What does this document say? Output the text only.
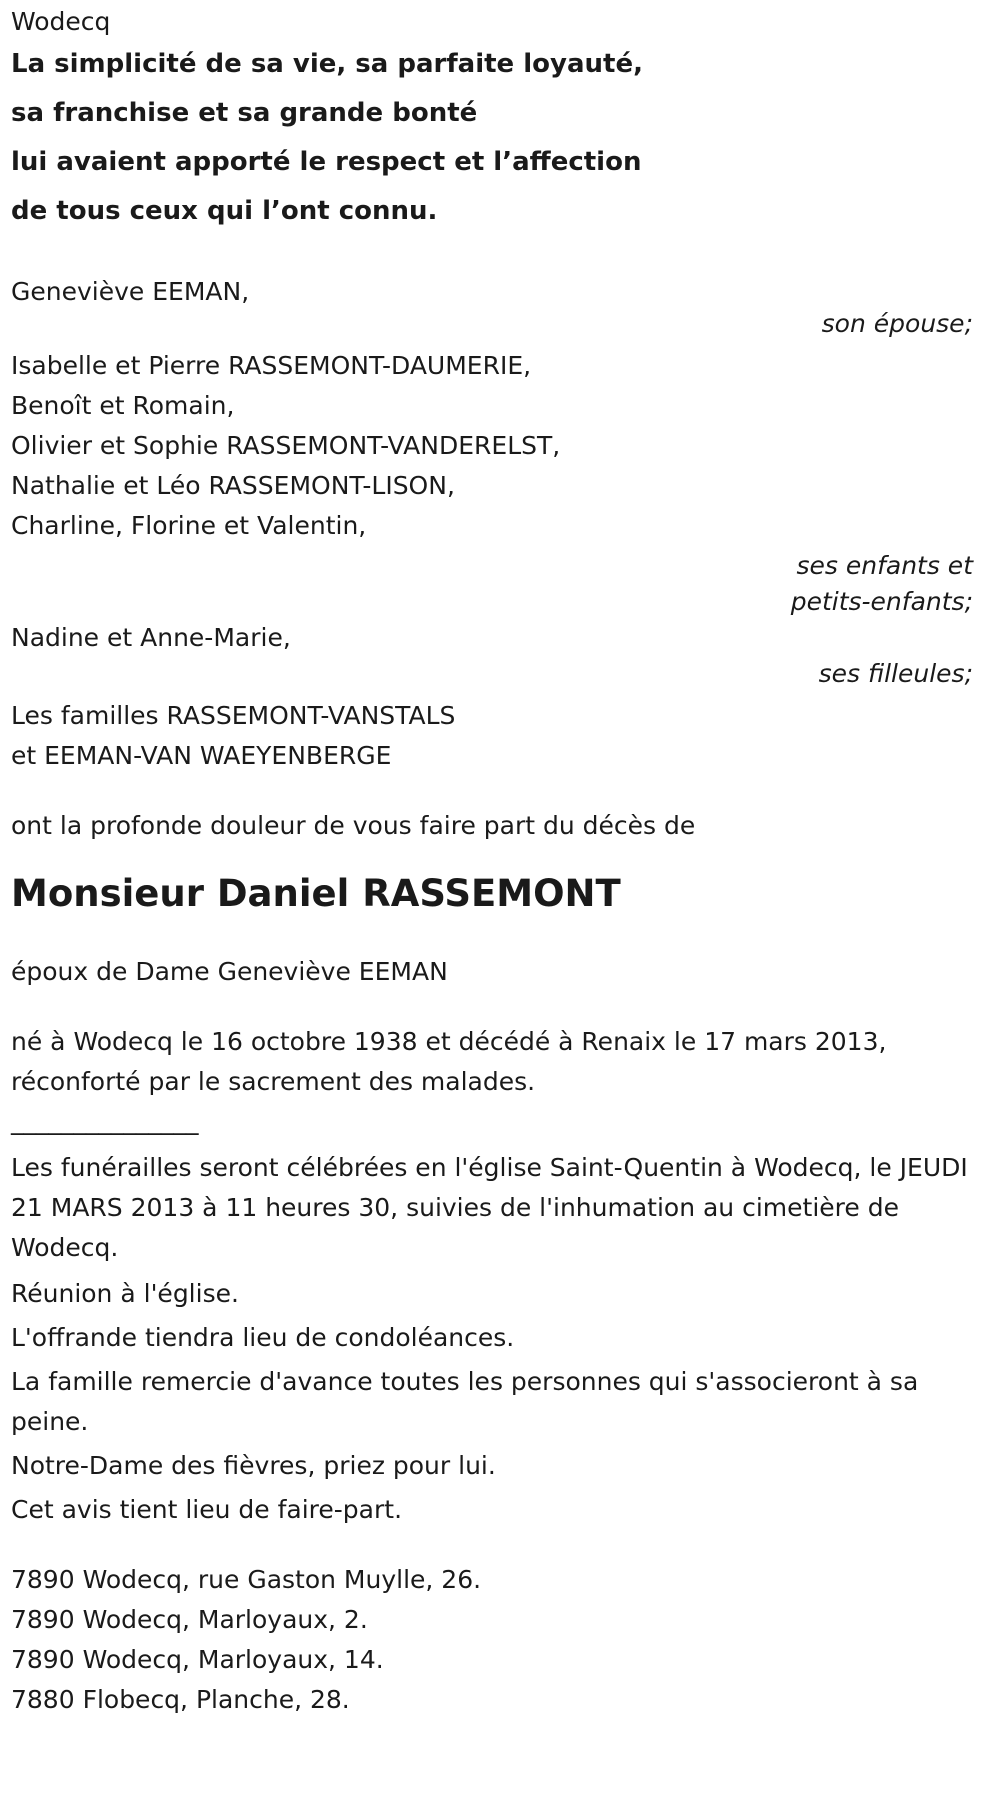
Wodecq
La simplicité de sa vie, sa parfaite loyauté,
sa franchise et sa grande bonté
lui avaient apporté le respect et l’affection
de tous ceux qui l’ont connu.
Geneviève EEMAN,
son épouse;
Isabelle et Pierre RASSEMONT-DAUMERIE,
Benoît et Romain,
Olivier et Sophie RASSEMONT-VANDERELST,
Nathalie et Léo RASSEMONT-LISON,
Charline, Florine et Valentin,
ses enfants et
petits-enfants;
Nadine et Anne-Marie,
ses filleules;
Les familles RASSEMONT-VANSTALS
et EEMAN-VAN WAEYENBERGE
ont la profonde douleur de vous faire part du décès de
Monsieur Daniel RASSEMONT
époux de Dame Geneviève EEMAN
né à Wodecq le 16 octobre 1938 et décédé à Renaix le 17 mars 2013,
réconforté par le sacrement des malades.
_______________
Les funérailles seront célébrées en l'église Saint-Quentin à Wodecq, le JEUDI 21 MARS 2013 à 11 heures 30, suivies de l'inhumation au cimetière de Wodecq.
Réunion à l'église.
L'offrande tiendra lieu de condoléances.
La famille remercie d'avance toutes les personnes qui s'associeront à sa peine.
Notre-Dame des fièvres, priez pour lui.
Cet avis tient lieu de faire-part.
7890 Wodecq, rue Gaston Muylle, 26.
7890 Wodecq, Marloyaux, 2.
7890 Wodecq, Marloyaux, 14.
7880 Flobecq, Planche, 28.
